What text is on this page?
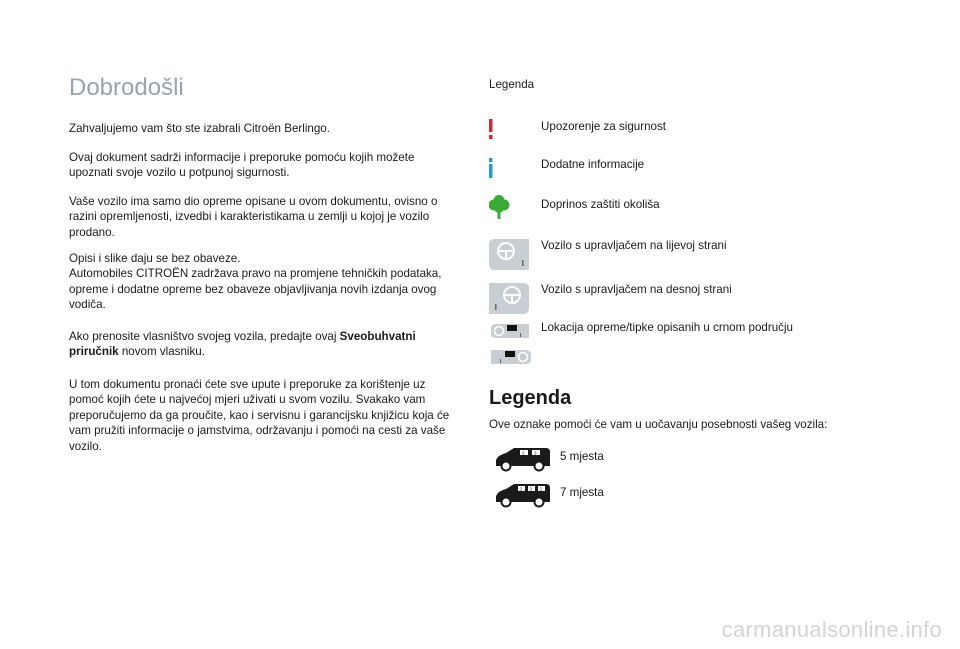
Dobrodošli

Zahvaljujemo vam što ste izabrali Citroën Berlingo.

Ovaj dokument sadrži informacije i preporuke pomoću kojih možete upoznati svoje vozilo u potpunoj sigurnosti.

Vaše vozilo ima samo dio opreme opisane u ovom dokumentu, ovisno o razini opremljenosti, izvedbi i karakteristikama u zemlji u kojoj je vozilo prodano.

Opisi i slike daju se bez obaveze.
Automobiles CITROËN zadržava pravo na promjene tehničkih podataka, opreme i dodatne opreme bez obaveze objavljivanja novih izdanja ovog vodiča.

Ako prenosite vlasništvo svojeg vozila, predajte ovaj Sveobuhvatni priručnik novom vlasniku.

U tom dokumentu pronaći ćete sve upute i preporuke za korištenje uz pomoć kojih ćete u najvećoj mjeri uživati u svom vozilu. Svakako vam preporučujemo da ga proučite, kao i servisnu i garancijsku knjižicu koja će vam pružiti informacije o jamstvima, održavanju i pomoći na cesti za vaše vozilo.

Legenda
Upozorenje za sigurnost
Dodatne informacije
Doprinos zaštiti okoliša
Vozilo s upravljačem na lijevoj strani
Vozilo s upravljačem na desnoj strani
Lokacija opreme/tipke opisanih u crnom području
Legenda
Ove oznake pomoći će vam u uočavanju posebnosti vašeg vozila:
2 3 5 mjesta
2 3 2 7 mjesta
carmanualsonline.info
